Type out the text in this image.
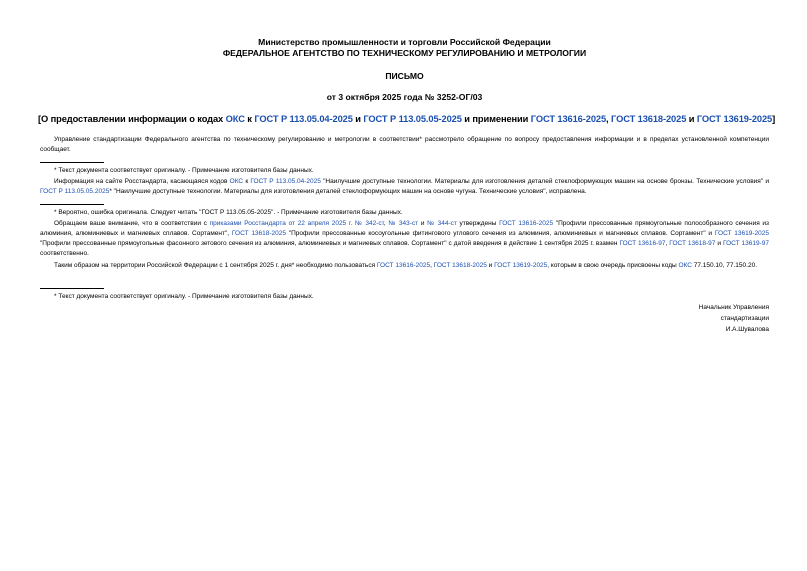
Министерство промышленности и торговли Российской Федерации
ФЕДЕРАЛЬНОЕ АГЕНТСТВО ПО ТЕХНИЧЕСКОМУ РЕГУЛИРОВАНИЮ И МЕТРОЛОГИИ
ПИСЬМО
от 3 октября 2025 года № 3252-ОГ/03
[О предоставлении информации о кодах ОКС к ГОСТ Р 113.05.04-2025 и ГОСТ Р 113.05.05-2025 и применении ГОСТ 13616-2025, ГОСТ 13618-2025 и ГОСТ 13619-2025]
Управление стандартизации Федерального агентства по техническому регулированию и метрологии в соответствии* рассмотрело обращение по вопросу предоставления информации и в пределах установленной компетенции сообщает.
* Текст документа соответствует оригиналу. - Примечание изготовителя базы данных.
Информация на сайте Росстандарта, касающаяся кодов ОКС к ГОСТ Р 113.05.04-2025 "Наилучшие доступные технологии. Материалы для изготовления деталей стеклоформующих машин на основе бронзы. Технические условия" и ГОСТ Р 113.05.05.2025* "Наилучшие доступные технологии. Материалы для изготовления деталей стеклоформующих машин на основе чугуна. Технические условия", исправлена.
* Вероятно, ошибка оригинала. Следует читать "ГОСТ Р 113.05.05-2025". - Примечание изготовителя базы данных.
Обращаем ваше внимание, что в соответствии с приказами Росстандарта от 22 апреля 2025 г. № 342-ст, № 343-ст и № 344-ст утверждены ГОСТ 13616-2025 "Профили прессованные прямоугольные полособразного сечения из алюминия, алюминиевых и магниевых сплавов. Сортамент", ГОСТ 13618-2025 "Профили прессованные косоугольные фитингового углового сечения из алюминия, алюминиевых и магниевых сплавов. Сортамент" и ГОСТ 13619-2025 "Профили прессованные прямоугольные фасонного зетового сечения из алюминия, алюминиевых и магниевых сплавов. Сортамент" с датой введения в действие 1 сентября 2025 г. взамен ГОСТ 13616-97, ГОСТ 13618-97 и ГОСТ 13619-97 соответственно.
Таким образом на территории Российской Федерации с 1 сентября 2025 г. дня* необходимо пользоваться ГОСТ 13616-2025, ГОСТ 13618-2025 и ГОСТ 13619-2025, которым в свою очередь присвоены коды ОКС 77.150.10, 77.150.20.
* Текст документа соответствует оригиналу. - Примечание изготовителя базы данных.
Начальник Управления
стандартизации
И.А.Шувалова
